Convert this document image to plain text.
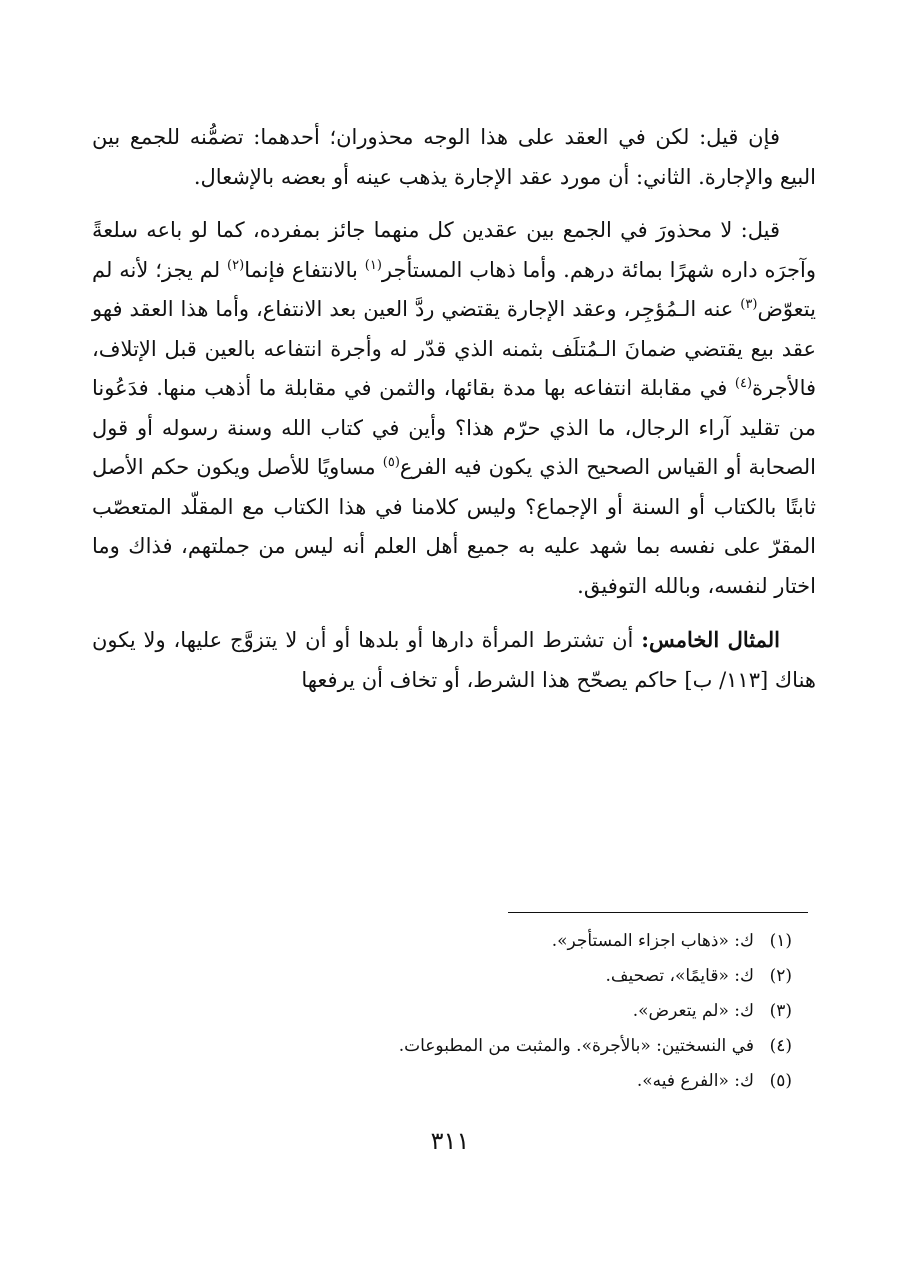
فإن قيل: لكن في العقد على هذا الوجه محذوران؛ أحدهما: تضمُّنه للجمع بين البيع والإجارة. الثاني: أن مورد عقد الإجارة يذهب عينه أو بعضه بالإشعال.

قيل: لا محذورَ في الجمع بين عقدين كل منهما جائز بمفرده، كما لو باعه سلعةً وآجرَه داره شهرًا بمائة درهم. وأما ذهاب المستأجر$^{(١)}$ بالانتفاع فإنما$^{(٢)}$ لم يجز؛ لأنه لم يتعوّض$^{(٣)}$ عنه الـمُؤجِر، وعقد الإجارة يقتضي ردَّ العين بعد الانتفاع، وأما هذا العقد فهو عقد بيع يقتضي ضمانَ الـمُتلَف بثمنه الذي قدّر له وأجرة انتفاعه بالعين قبل الإتلاف، فالأجرة$^{(٤)}$ في مقابلة انتفاعه بها مدة بقائها، والثمن في مقابلة ما أذهب منها. فدَعُونا من تقليد آراء الرجال، ما الذي حرّم هذا؟ وأين في كتاب الله وسنة رسوله أو قول الصحابة أو القياس الصحيح الذي يكون فيه الفرع$^{(٥)}$ مساويًا للأصل ويكون حكم الأصل ثابتًا بالكتاب أو السنة أو الإجماع؟ وليس كلامنا في هذا الكتاب مع المقلّد المتعصّب المقرّ على نفسه بما شهد عليه به جميع أهل العلم أنه ليس من جملتهم، فذاك وما اختار لنفسه، وبالله التوفيق.

المثال الخامس: أن تشترط المرأة دارها أو بلدها أو أن لا يتزوَّج عليها، ولا يكون هناك [١١٣/ ب] حاكم يصحّح هذا الشرط، أو تخاف أن يرفعها

(١)
ك: «ذهاب اجزاء المستأجر».
(٢)
ك: «قايمًا»، تصحيف.
(٣)
ك: «لم يتعرض».
(٤)
في النسختين: «بالأجرة». والمثبت من المطبوعات.
(٥)
ك: «الفرع فيه».
٣١١
